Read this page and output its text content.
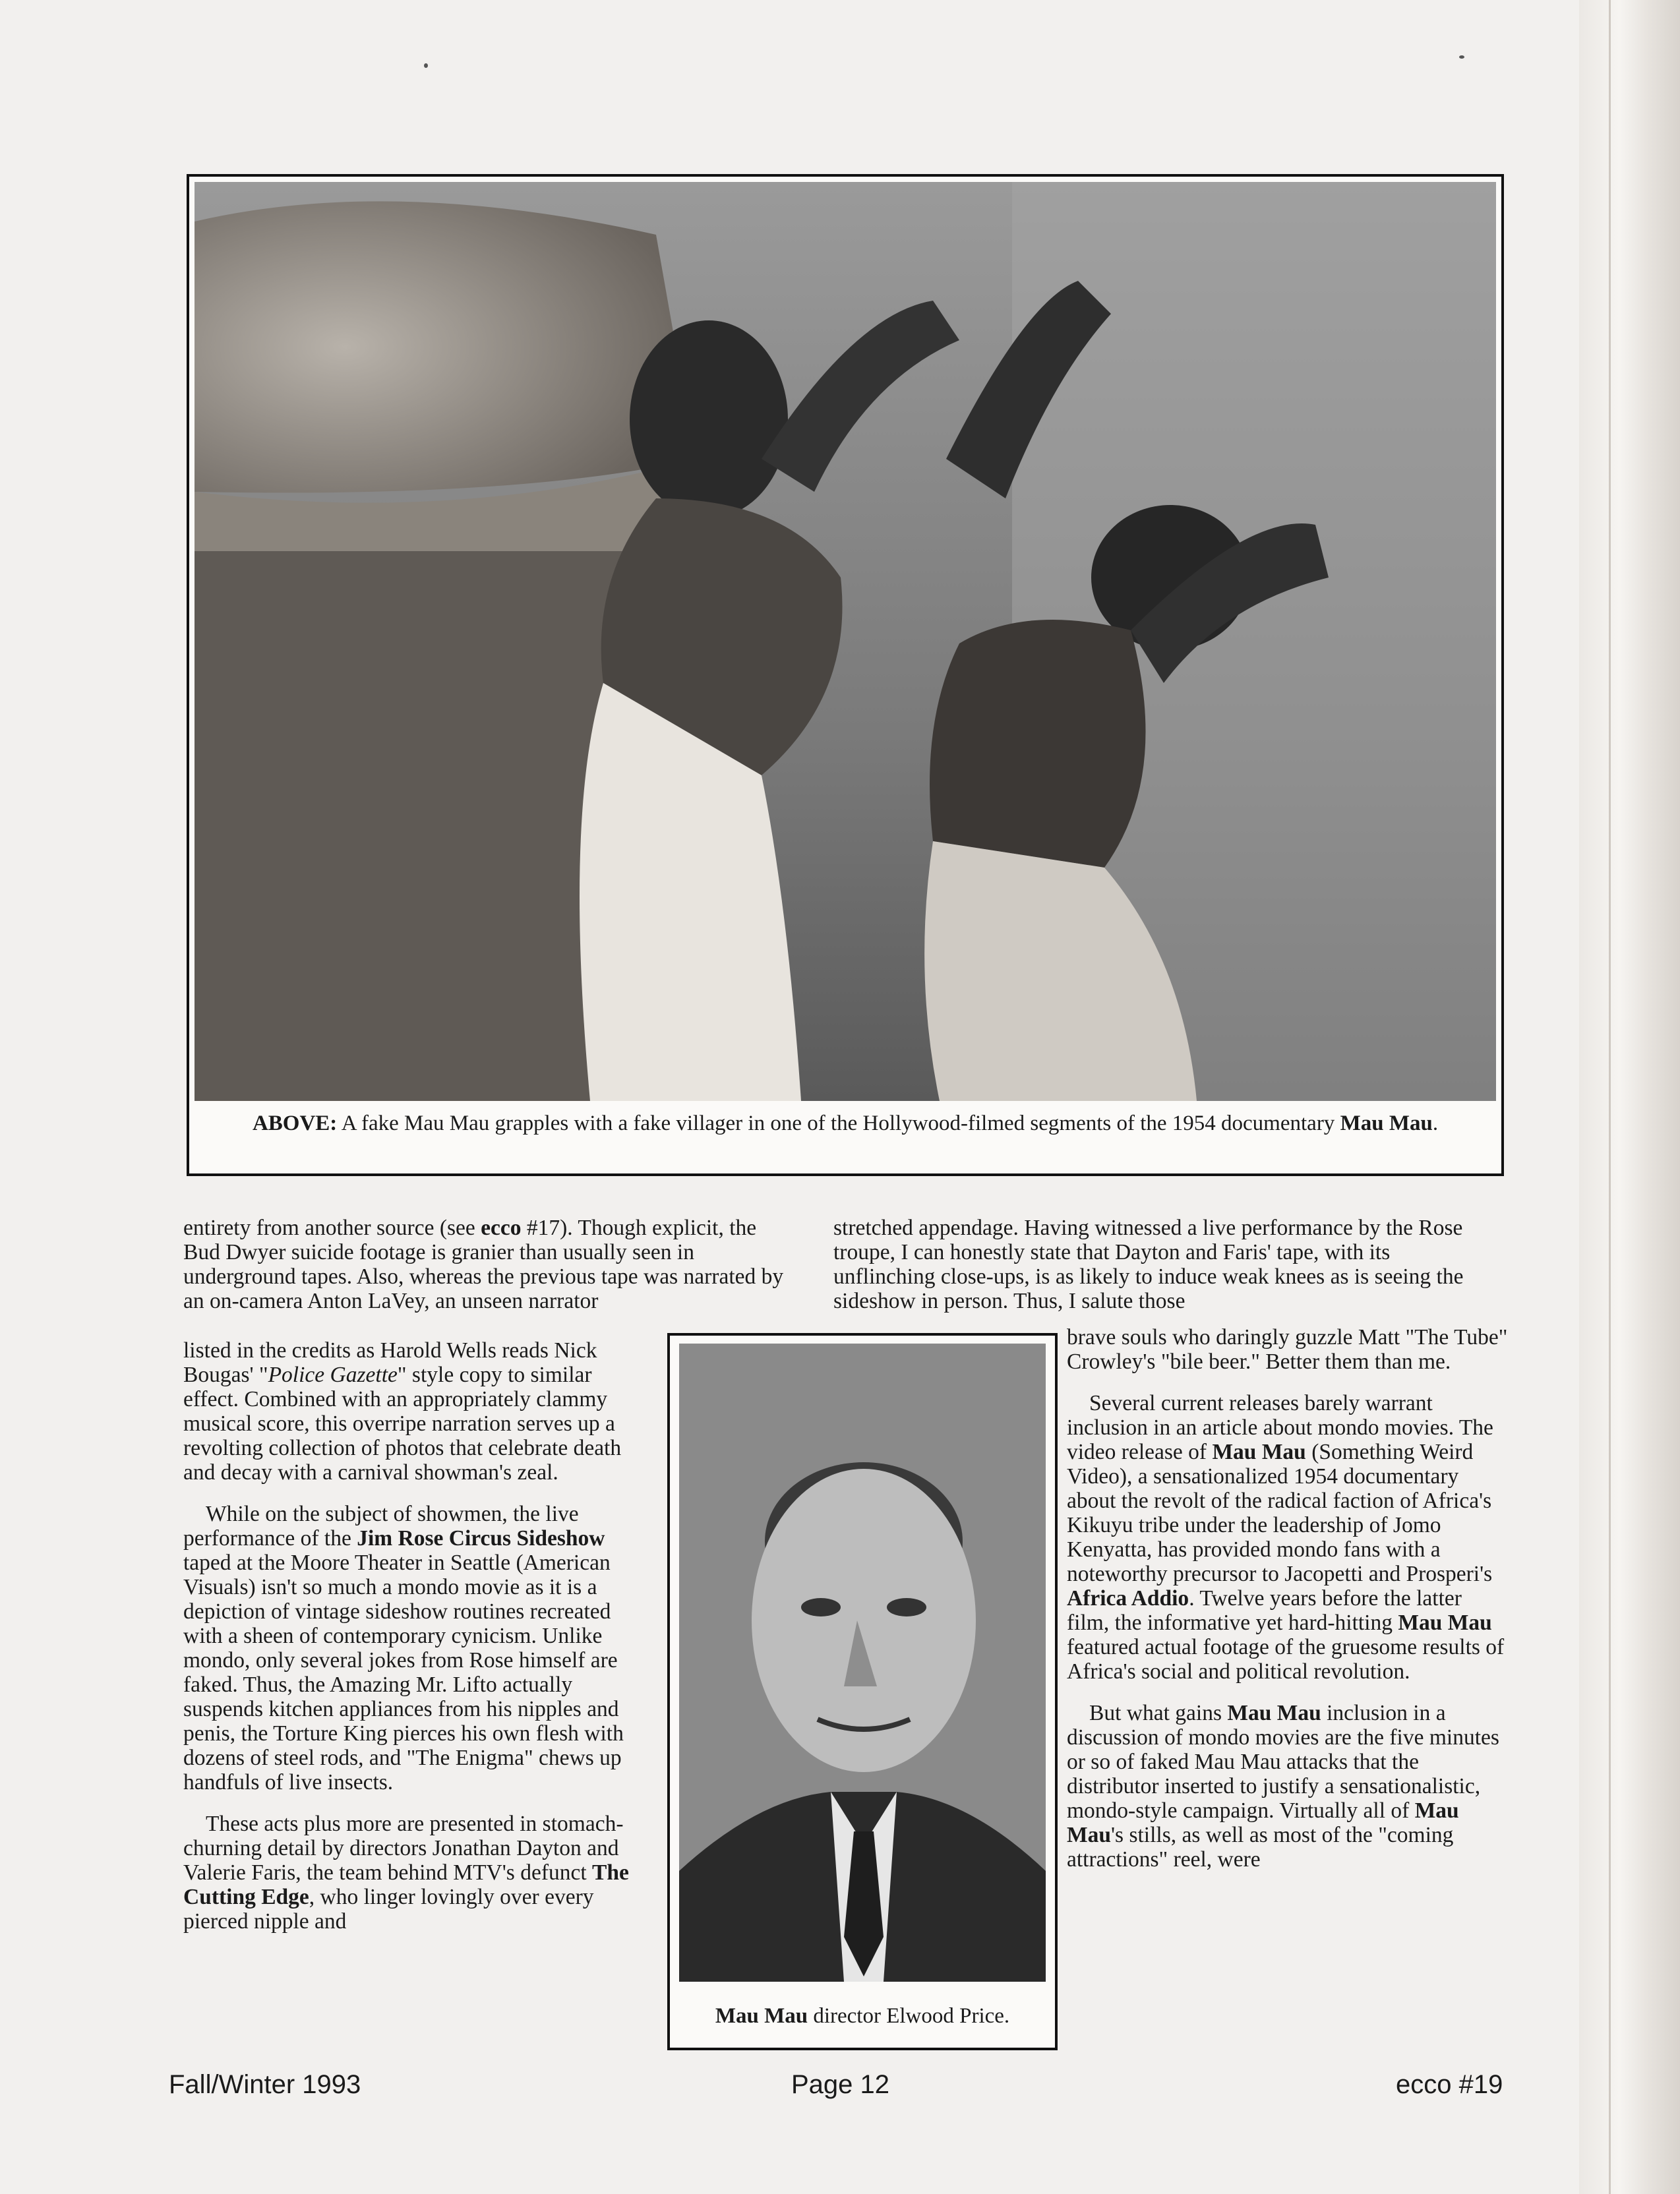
ABOVE: A fake Mau Mau grapples with a fake villager in one of the Hollywood-filmed segments of the 1954 documentary Mau Mau.

entirety from another source (see ecco #17). Though explicit, the Bud Dwyer suicide footage is granier than usually seen in underground tapes. Also, whereas the previous tape was narrated by an on-camera Anton LaVey, an unseen narrator

listed in the credits as Harold Wells reads Nick Bougas' "Police Gazette" style copy to similar effect. Combined with an appropriately clammy musical score, this overripe narration serves up a revolting collection of photos that celebrate death and decay with a carnival showman's zeal.

While on the subject of showmen, the live performance of the Jim Rose Circus Sideshow taped at the Moore Theater in Seattle (American Visuals) isn't so much a mondo movie as it is a depiction of vintage sideshow routines recreated with a sheen of contemporary cynicism. Unlike mondo, only several jokes from Rose himself are faked. Thus, the Amazing Mr. Lifto actually suspends kitchen appliances from his nipples and penis, the Torture King pierces his own flesh with dozens of steel rods, and "The Enigma" chews up handfuls of live insects.

These acts plus more are presented in stomach-churning detail by directors Jonathan Dayton and Valerie Faris, the team behind MTV's defunct The Cutting Edge, who linger lovingly over every pierced nipple and

stretched appendage. Having witnessed a live performance by the Rose troupe, I can honestly state that Dayton and Faris' tape, with its unflinching close-ups, is as likely to induce weak knees as is seeing the sideshow in person. Thus, I salute those

brave souls who daringly guzzle Matt "The Tube" Crowley's "bile beer." Better them than me.

Several current releases barely warrant inclusion in an article about mondo movies. The video release of Mau Mau (Something Weird Video), a sensationalized 1954 documentary about the revolt of the radical faction of Africa's Kikuyu tribe under the leadership of Jomo Kenyatta, has provided mondo fans with a noteworthy precursor to Jacopetti and Prosperi's Africa Addio. Twelve years before the latter film, the informative yet hard-hitting Mau Mau featured actual footage of the gruesome results of Africa's social and political revolution.

But what gains Mau Mau inclusion in a discussion of mondo movies are the five minutes or so of faked Mau Mau attacks that the distributor inserted to justify a sensationalistic, mondo-style campaign. Virtually all of Mau Mau's stills, as well as most of the "coming attractions" reel, were

Mau Mau director Elwood Price.
Fall/Winter 1993	Page 12	ecco #19
